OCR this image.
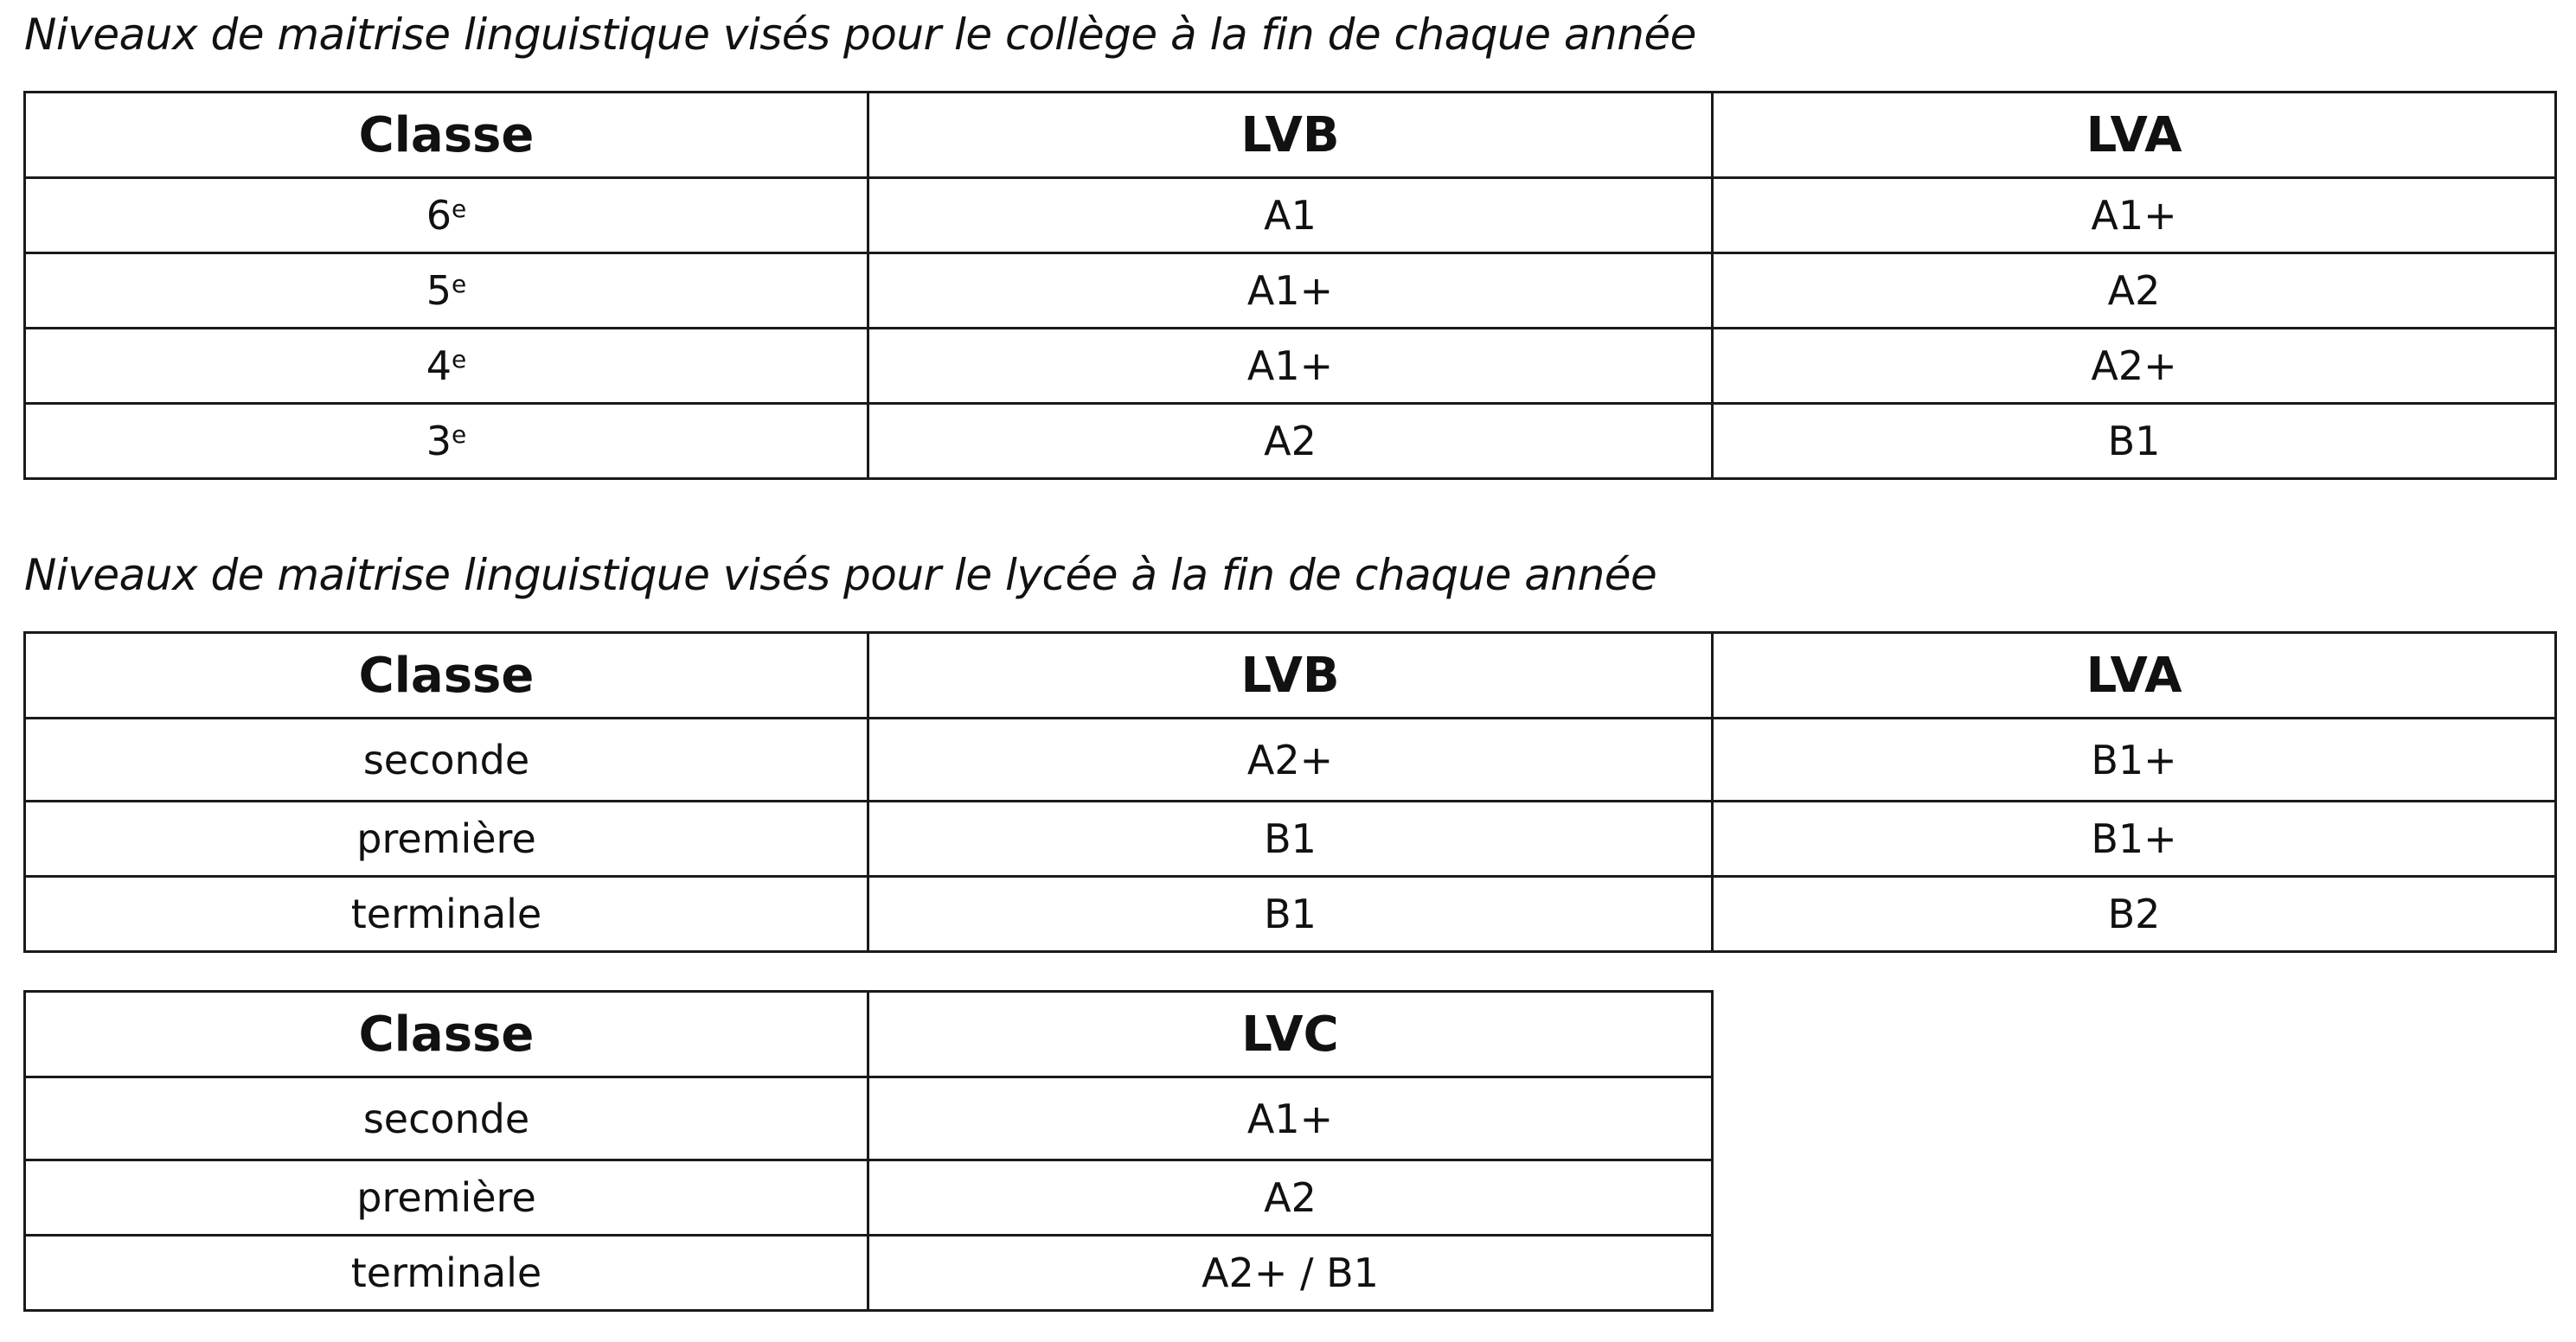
Niveaux de maitrise linguistique visés pour le collège à la fin de chaque année
Classe	LVB	LVA
6e	A1	A1+
$5^e$	A1+	A2
4e	A1+	A2+
$3^e$	A2	B1
Niveaux de maitrise linguistique visés pour le lycée à la fin de chaque année
Classe	LVB	LVA
seconde	A2+	B1+
première	B1	B1+
terminale	B1	B2
Classe	LVC
seconde	A1+
première	A2
terminale	A2+ / B1
